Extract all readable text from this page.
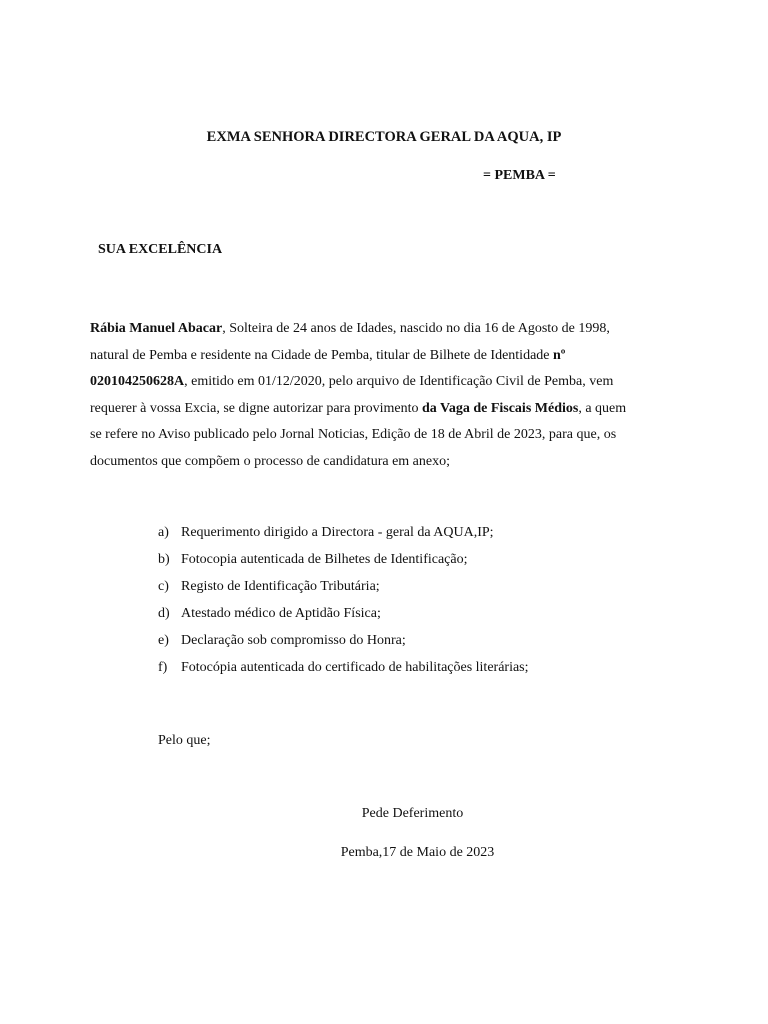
EXMA SENHORA DIRECTORA GERAL DA AQUA, IP
= PEMBA =
SUA EXCELÊNCIA
Rábia Manuel Abacar, Solteira de 24 anos de Idades, nascido no dia 16 de Agosto de 1998,
natural de Pemba e residente na Cidade de Pemba, titular de Bilhete de Identidade nº
020104250628A, emitido em 01/12/2020, pelo arquivo de Identificação Civil de Pemba, vem
requerer à vossa Excia, se digne autorizar para provimento da Vaga de Fiscais Médios, a quem
se refere no Aviso publicado pelo Jornal Noticias, Edição de 18 de Abril de 2023, para que, os
documentos que compõem o processo de candidatura em anexo;
a) Requerimento dirigido a Directora - geral da AQUA,IP;
b) Fotocopia autenticada de Bilhetes de Identificação;
c) Registo de Identificação Tributária;
d) Atestado médico de Aptidão Física;
e) Declaração sob compromisso do Honra;
f) Fotocópia autenticada do certificado de habilitações literárias;
Pelo que;
Pede Deferimento
Pemba,17 de Maio de 2023
